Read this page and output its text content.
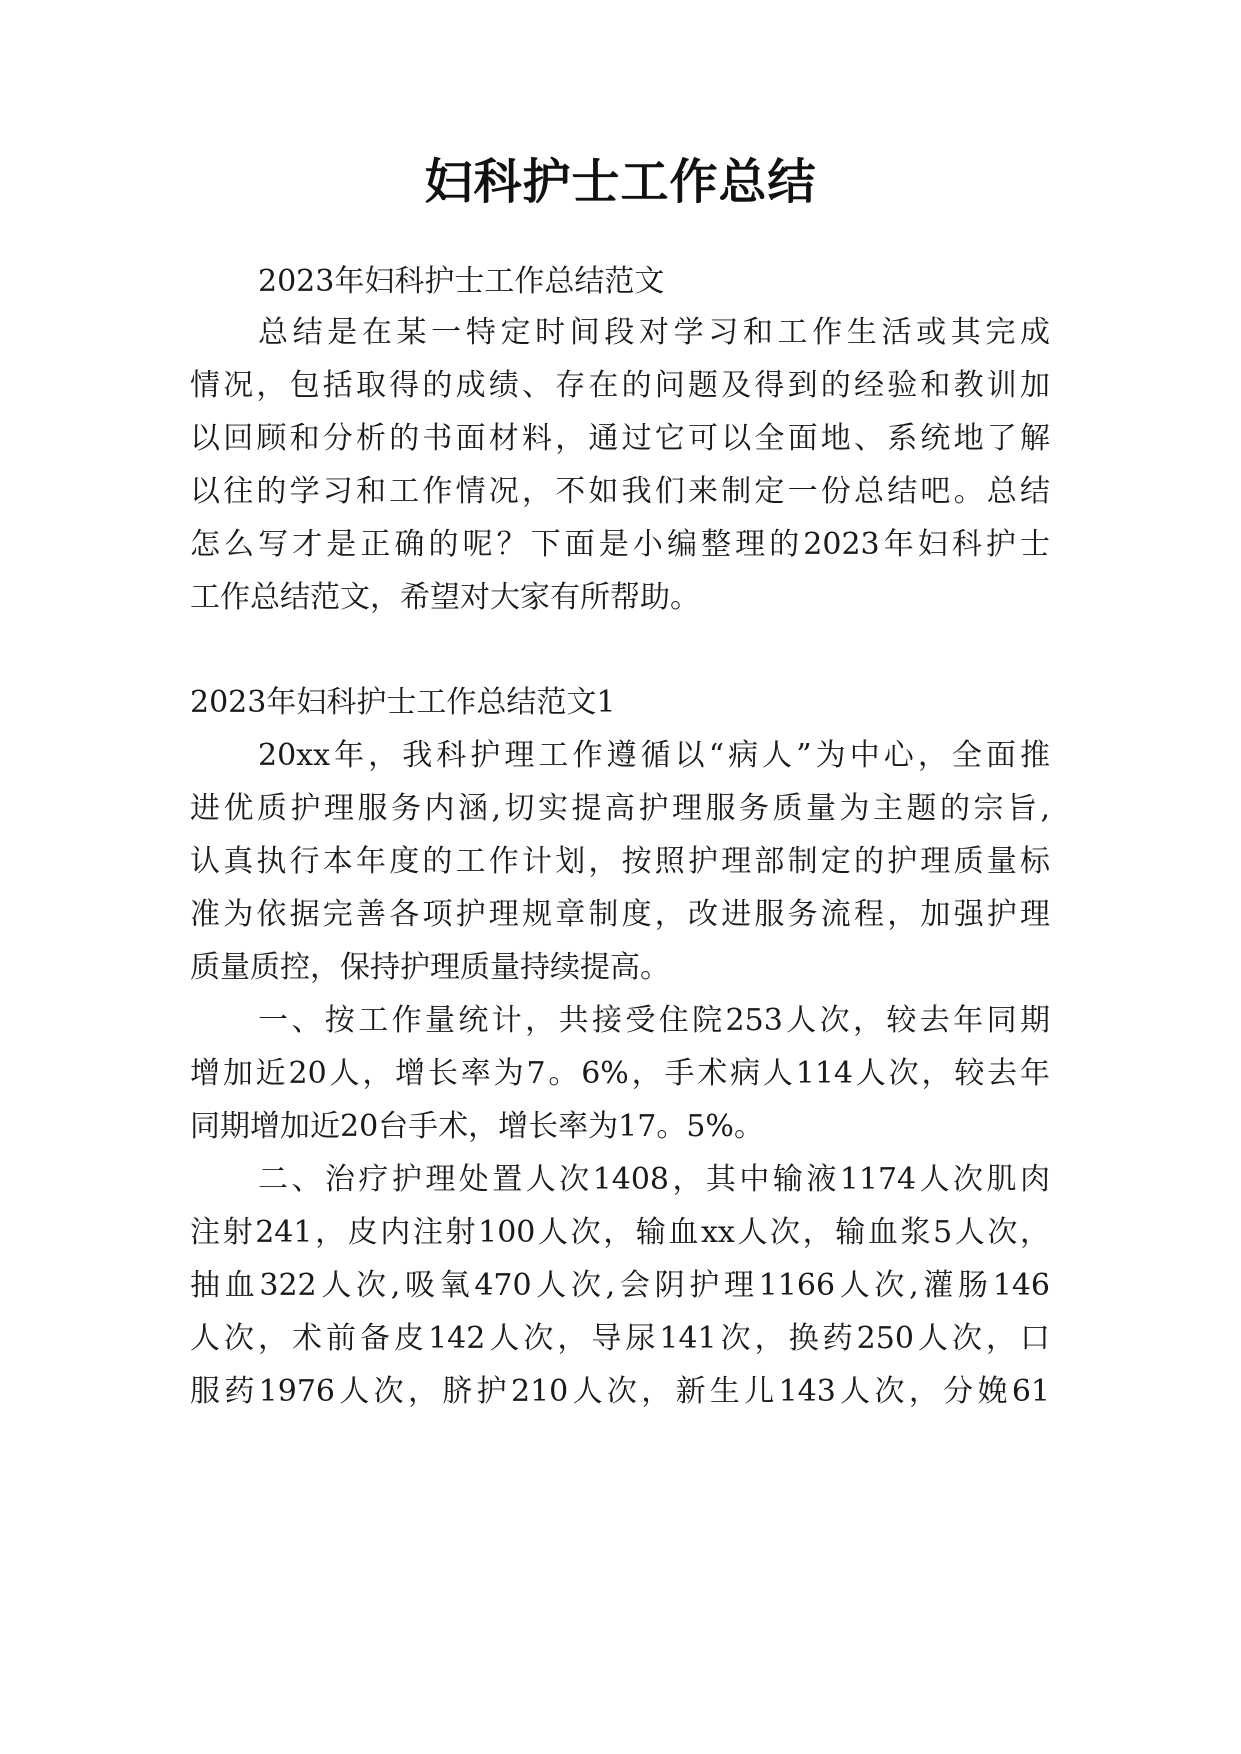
妇科护士工作总结
2023年妇科护士工作总结范文
总结是在某一特定时间段对学习和工作生活或其完成
情况，包括取得的成绩、存在的问题及得到的经验和教训加
以回顾和分析的书面材料，通过它可以全面地、系统地了解
以往的学习和工作情况，不如我们来制定一份总结吧。总结
怎么写才是正确的呢？下面是小编整理的2023年妇科护士
工作总结范文，希望对大家有所帮助。
2023年妇科护士工作总结范文1
20xx年，我科护理工作遵循以“病人”为中心，全面推
进优质护理服务内涵,切实提高护理服务质量为主题的宗旨,
认真执行本年度的工作计划，按照护理部制定的护理质量标
准为依据完善各项护理规章制度，改进服务流程，加强护理
质量质控，保持护理质量持续提高。
一、按工作量统计，共接受住院253人次，较去年同期
增加近20人，增长率为7。6%，手术病人114人次，较去年
同期增加近20台手术，增长率为17。5%。
二、治疗护理处置人次1408，其中输液1174人次肌肉
注射241，皮内注射100人次，输血xx人次，输血浆5人次，
抽血322人次,吸氧470人次,会阴护理1166人次,灌肠146
人次，术前备皮142人次，导尿141次，换药250人次，口
服药1976人次，脐护210人次，新生儿143人次，分娩61
